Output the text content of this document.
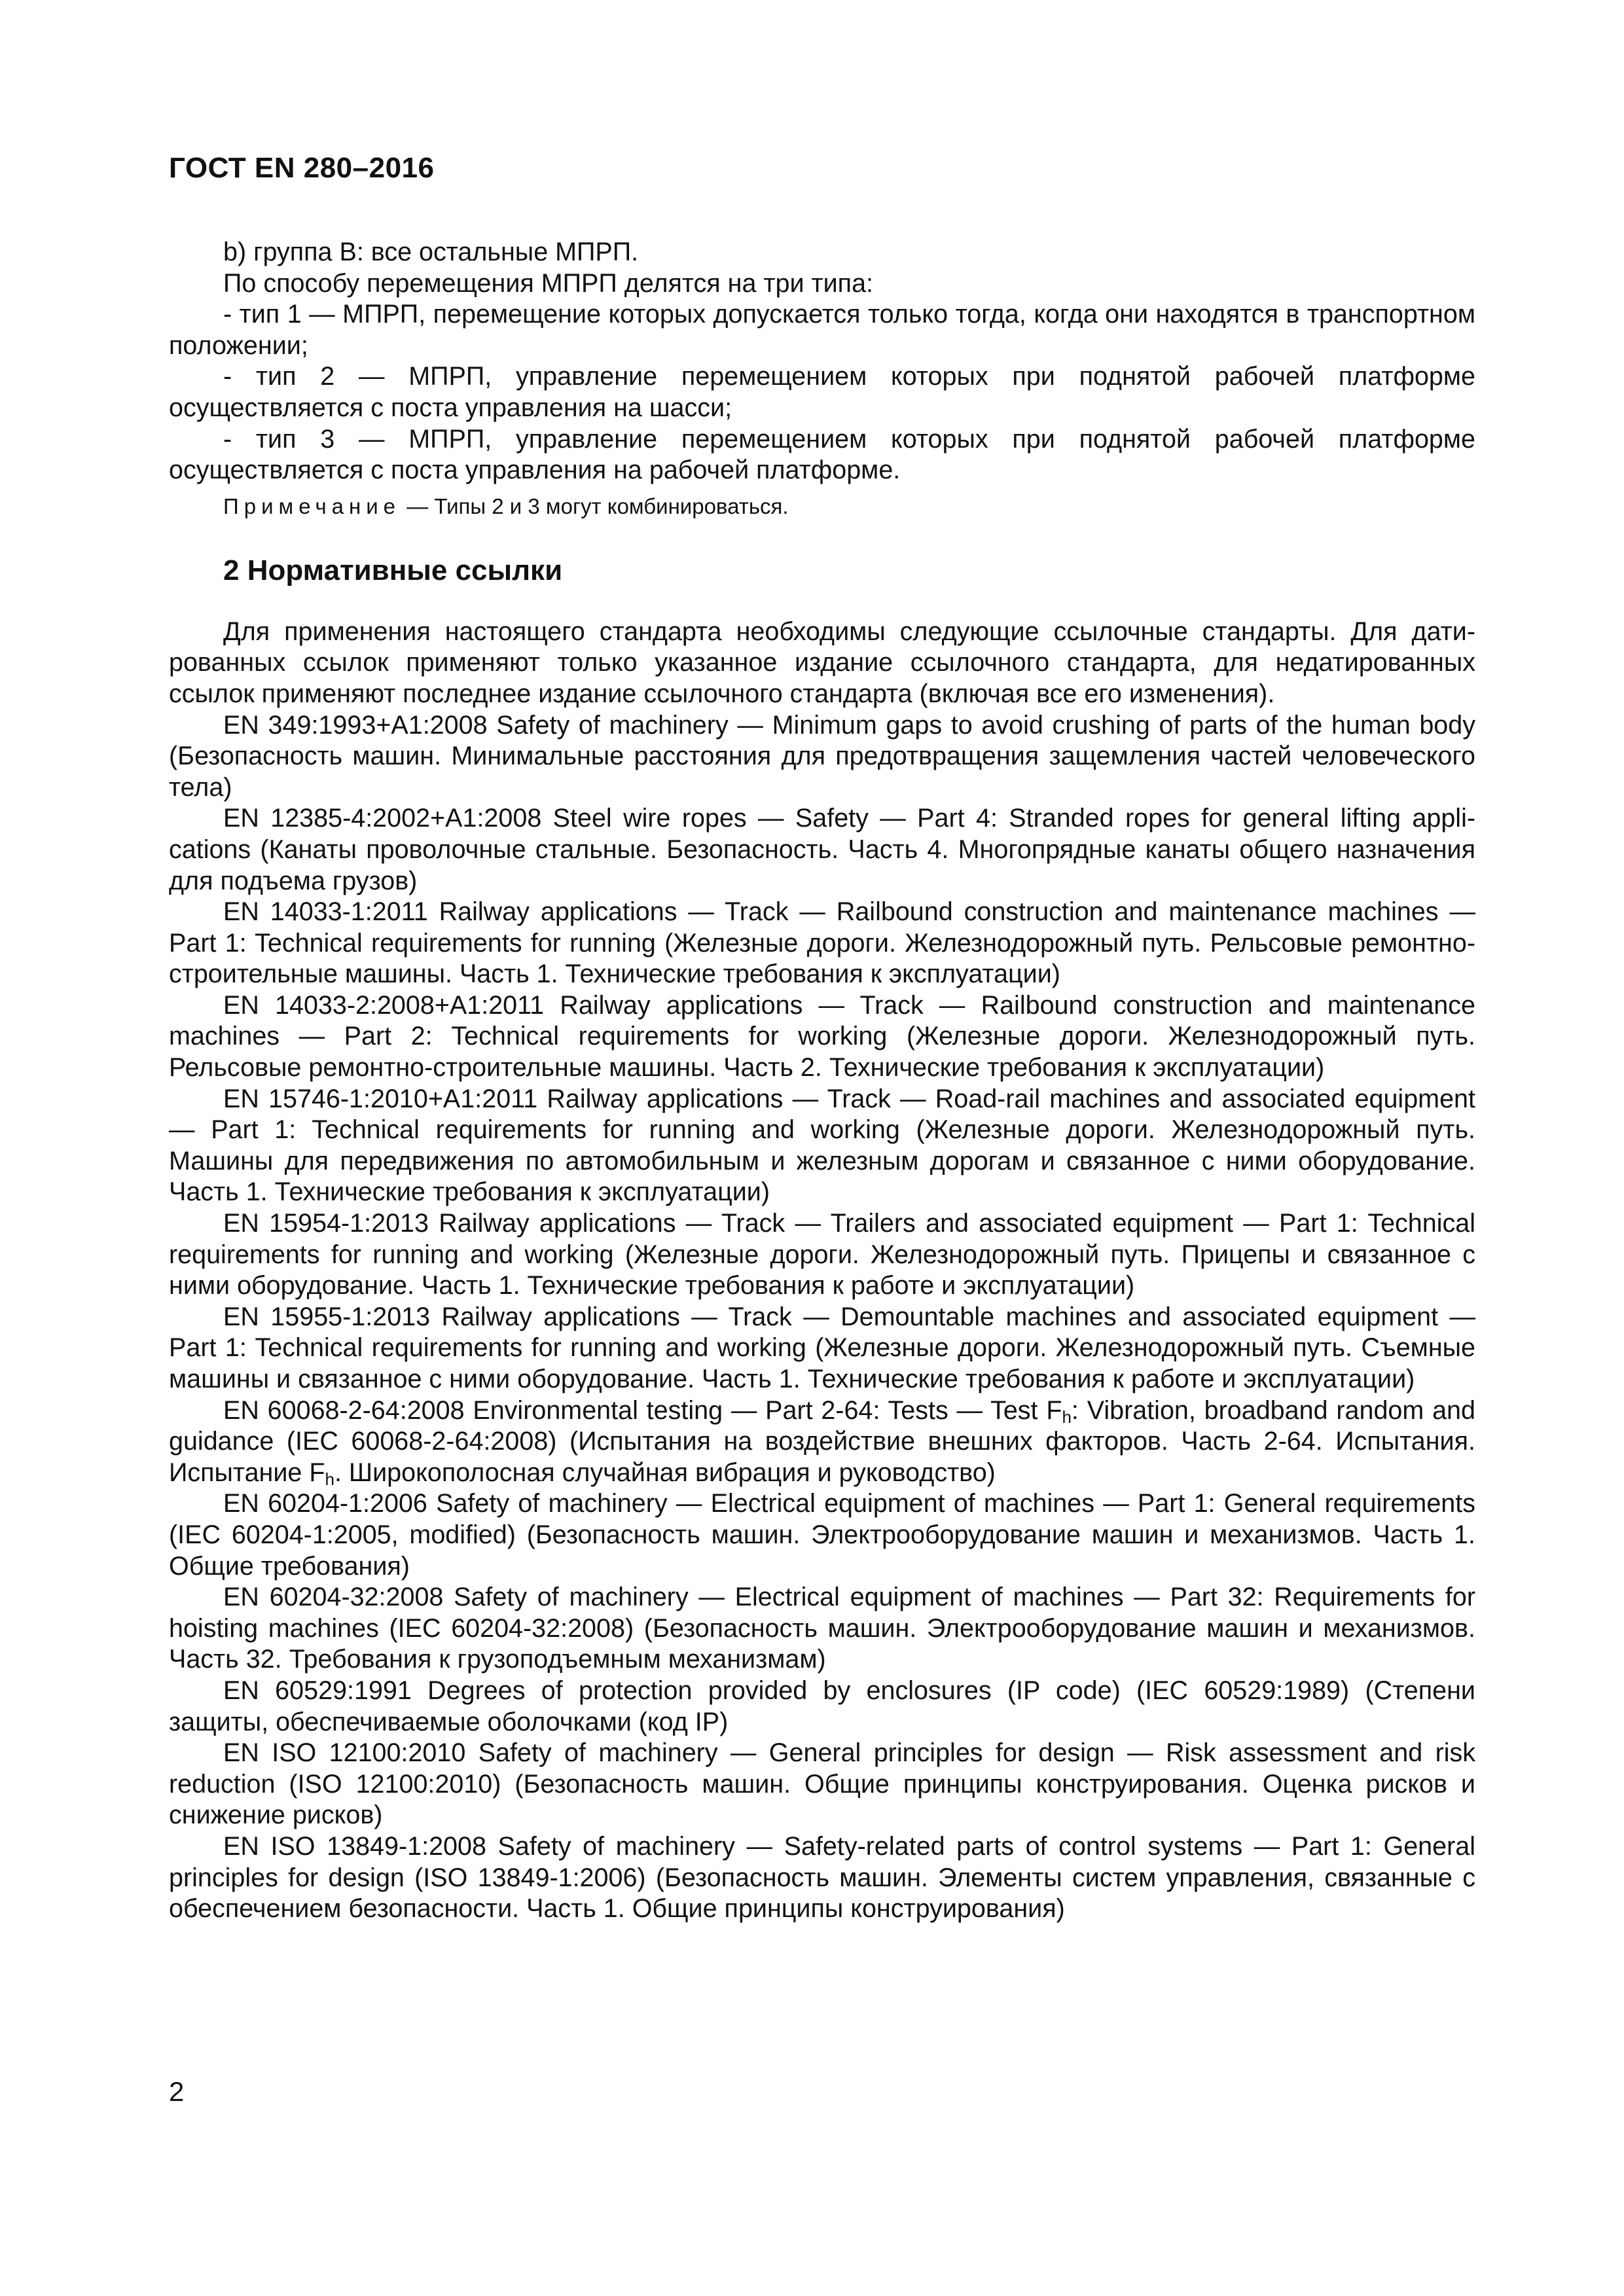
ГОСТ EN 280–2016

b) группа B: все остальные МПРП.

По способу перемещения МПРП делятся на три типа:

- тип 1 — МПРП, перемещение которых допускается только тогда, когда они находятся в транспортном положении;

- тип 2 — МПРП, управление перемещением которых при поднятой рабочей платформе осуществляется с поста управления на шасси;

- тип 3 — МПРП, управление перемещением которых при поднятой рабочей платформе осуществляется с поста управления на рабочей платформе.

Примечание — Типы 2 и 3 могут комбинироваться.
2 Нормативные ссылки

Для применения настоящего стандарта необходимы следующие ссылочные стандарты. Для датированных ссылок применяют только указанное издание ссылочного стандарта, для недатированных ссылок применяют последнее издание ссылочного стандарта (включая все его изменения).

EN 349:1993+A1:2008 Safety of machinery — Minimum gaps to avoid crushing of parts of the human body (Безопасность машин. Минимальные расстояния для предотвращения защемления частей человеческого тела)

EN 12385-4:2002+A1:2008 Steel wire ropes — Safety — Part 4: Stranded ropes for general lifting applications (Канаты проволочные стальные. Безопасность. Часть 4. Многопрядные канаты общего назначения для подъема грузов)

EN 14033-1:2011 Railway applications — Track — Railbound construction and maintenance machines — Part 1: Technical requirements for running (Железные дороги. Железнодорожный путь. Рельсовые ремонтно-строительные машины. Часть 1. Технические требования к эксплуатации)

EN 14033-2:2008+A1:2011 Railway applications — Track — Railbound construction and maintenance machines — Part 2: Technical requirements for working (Железные дороги. Железнодорожный путь. Рельсовые ремонтно-строительные машины. Часть 2. Технические требования к эксплуатации)

EN 15746-1:2010+A1:2011 Railway applications — Track — Road-rail machines and associated equipment — Part 1: Technical requirements for running and working (Железные дороги. Железнодорожный путь. Машины для передвижения по автомобильным и железным дорогам и связанное с ними оборудование. Часть 1. Технические требования к эксплуатации)

EN 15954-1:2013 Railway applications — Track — Trailers and associated equipment — Part 1: Technical requirements for running and working (Железные дороги. Железнодорожный путь. Прицепы и связанное с ними оборудование. Часть 1. Технические требования к работе и эксплуатации)

EN 15955-1:2013 Railway applications — Track — Demountable machines and associated equipment — Part 1: Technical requirements for running and working (Железные дороги. Железнодорожный путь. Съемные машины и связанное с ними оборудование. Часть 1. Технические требования к работе и эксплуатации)

EN 60068-2-64:2008 Environmental testing — Part 2-64: Tests — Test $F_h$: Vibration, broadband random and guidance (IEC 60068-2-64:2008) (Испытания на воздействие внешних факторов. Часть 2-64. Испытания. Испытание $F_h$. Широкополосная случайная вибрация и руководство)

EN 60204-1:2006 Safety of machinery — Electrical equipment of machines — Part 1: General requirements (IEC 60204-1:2005, modified) (Безопасность машин. Электрооборудование машин и механизмов. Часть 1. Общие требования)

EN 60204-32:2008 Safety of machinery — Electrical equipment of machines — Part 32: Requirements for hoisting machines (IEC 60204-32:2008) (Безопасность машин. Электрооборудование машин и механизмов. Часть 32. Требования к грузоподъемным механизмам)

EN 60529:1991 Degrees of protection provided by enclosures (IP code) (IEC 60529:1989) (Степени защиты, обеспечиваемые оболочками (код IP)

EN ISO 12100:2010 Safety of machinery — General principles for design — Risk assessment and risk reduction (ISO 12100:2010) (Безопасность машин. Общие принципы конструирования. Оценка рисков и снижение рисков)

EN ISO 13849-1:2008 Safety of machinery — Safety-related parts of control systems — Part 1: General principles for design (ISO 13849-1:2006) (Безопасность машин. Элементы систем управления, связанные с обеспечением безопасности. Часть 1. Общие принципы конструирования)

2
